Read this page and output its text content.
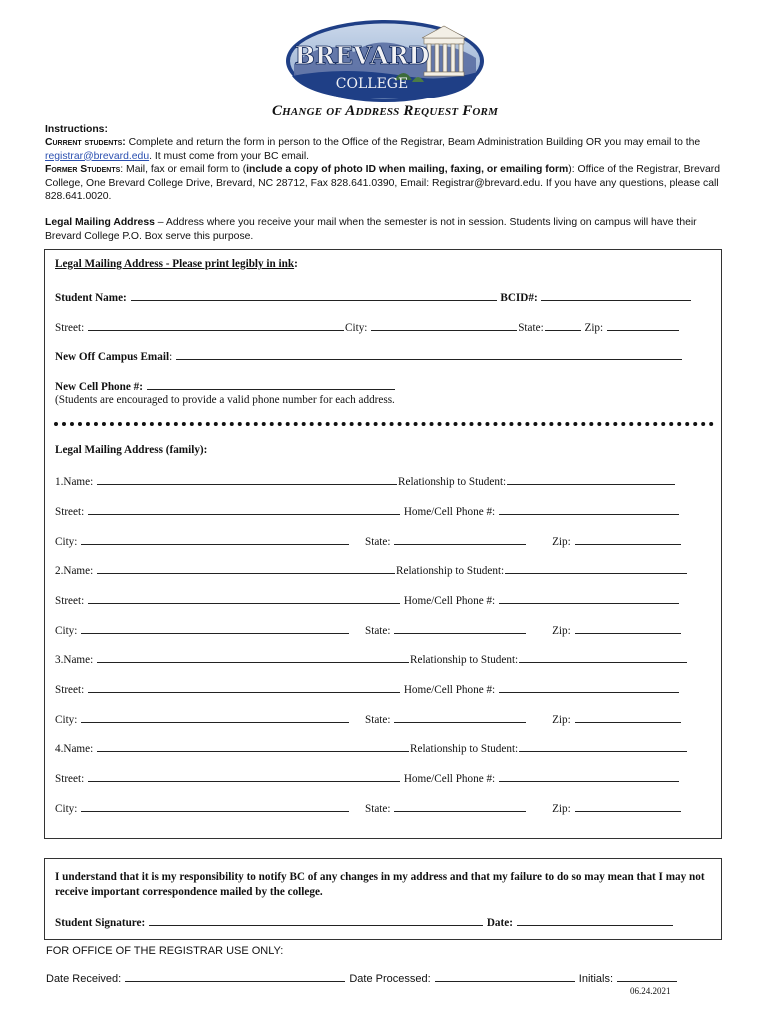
BREVARD
COLLEGE
Change of Address Request Form
Instructions:
Current students: Complete and return the form in person to the Office of the Registrar, Beam Administration Building OR you may email to the registrar@brevard.edu. It must come from your BC email.
Former Students: Mail, fax or email form to (include a copy of photo ID when mailing, faxing, or emailing form): Office of the Registrar, Brevard College, One Brevard College Drive, Brevard, NC 28712, Fax 828.641.0390, Email: Registrar@brevard.edu. If you have any questions, please call 828.641.0020.
Legal Mailing Address – Address where you receive your mail when the semester is not in session. Students living on campus will have their Brevard College P.O. Box serve this purpose.
Legal Mailing Address - Please print legibly in ink:
Student Name:	BCID#:
Street:	City:	State:	Zip:
New Off Campus Email:
New Cell Phone #:
(Students are encouraged to provide a valid phone number for each address.
Legal Mailing Address (family):
1.Name:	Relationship to Student:
Street:	Home/Cell Phone #:
City:	State:	Zip:
2.Name:	Relationship to Student:
Street:	Home/Cell Phone #:
City:	State:	Zip:
3.Name:	Relationship to Student:
Street:	Home/Cell Phone #:
City:	State:	Zip:
4.Name:	Relationship to Student:
Street:	Home/Cell Phone #:
City:	State:	Zip:
I understand that it is my responsibility to notify BC of any changes in my address and that my failure to do so may mean that I may not receive important correspondence mailed by the college.
Student Signature:	Date:
FOR OFFICE OF THE REGISTRAR USE ONLY:
Date Received:	Date Processed:	Initials:
06.24.2021
